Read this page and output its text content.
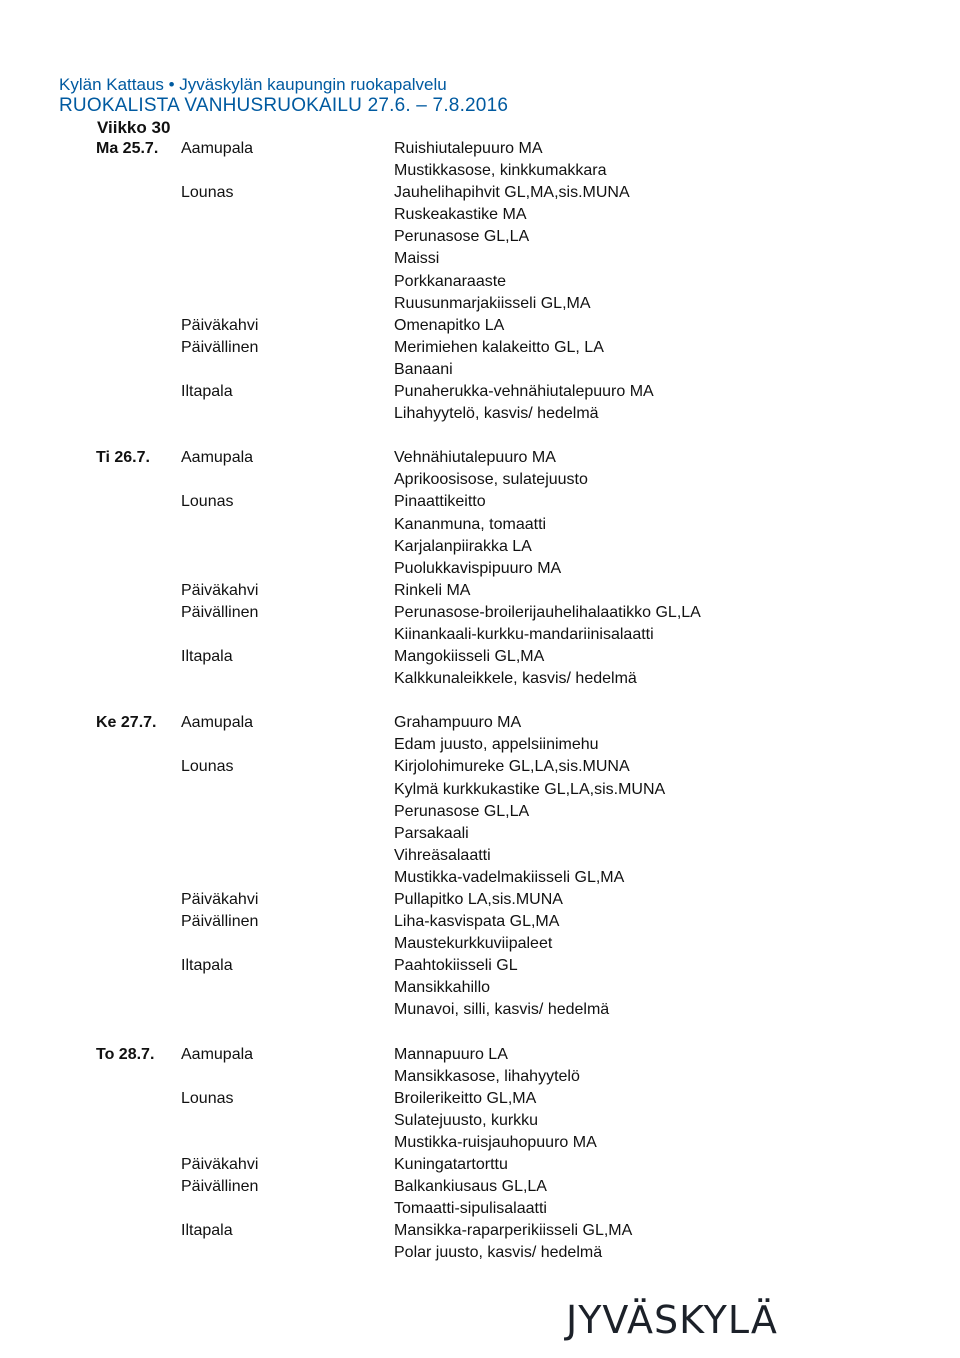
Kylän Kattaus • Jyväskylän kaupungin ruokapalvelu
RUOKALISTA VANHUSRUOKAILU 27.6. – 7.8.2016
Viikko 30
Ma 25.7. Aamupala	Ruishiutalepuuro MA
Mustikkasose, kinkkumakkara
Lounas	Jauhelihapihvit GL,MA,sis.MUNA
Ruskeakastike MA
Perunasose GL,LA
Maissi
Porkkanaraaste
Ruusunmarjakiisseli GL,MA
Päiväkahvi	Omenapitko LA
Päivällinen	Merimiehen kalakeitto GL, LA
Banaani
Iltapala	Punaherukka-vehnähiutalepuuro MA
Lihahyytelö, kasvis/ hedelmä
Ti 26.7. Aamupala	Vehnähiutalepuuro MA
Aprikoosisose, sulatejuusto
Lounas	Pinaattikeitto
Kananmuna, tomaatti
Karjalanpiirakka LA
Puolukkavispipuuro MA
Päiväkahvi	Rinkeli MA
Päivällinen	Perunasose-broilerijauhelihalaatikko GL,LA
Kiinankaali-kurkku-mandariinisalaatti
Iltapala	Mangokiisseli GL,MA
Kalkkunaleikkele, kasvis/ hedelmä
Ke 27.7. Aamupala	Grahampuuro MA
Edam juusto, appelsiinimehu
Lounas	Kirjolohimureke GL,LA,sis.MUNA
Kylmä kurkkukastike GL,LA,sis.MUNA
Perunasose GL,LA
Parsakaali
Vihreäsalaatti
Mustikka-vadelmakiisseli GL,MA
Päiväkahvi	Pullapitko LA,sis.MUNA
Päivällinen	Liha-kasvispata GL,MA
Maustekurkkuviipaleet
Iltapala	Paahtokiisseli GL
Mansikkahillo
Munavoi, silli, kasvis/ hedelmä
To 28.7. Aamupala	Mannapuuro LA
Mansikkasose, lihahyytelö
Lounas	Broilerikeitto GL,MA
Sulatejuusto, kurkku
Mustikka-ruisjauhopuuro MA
Päiväkahvi	Kuningatartorttu
Päivällinen	Balkankiusaus GL,LA
Tomaatti-sipulisalaatti
Iltapala	Mansikka-raparperikiisseli GL,MA
Polar juusto, kasvis/ hedelmä
JYVÄSKYLÄ
